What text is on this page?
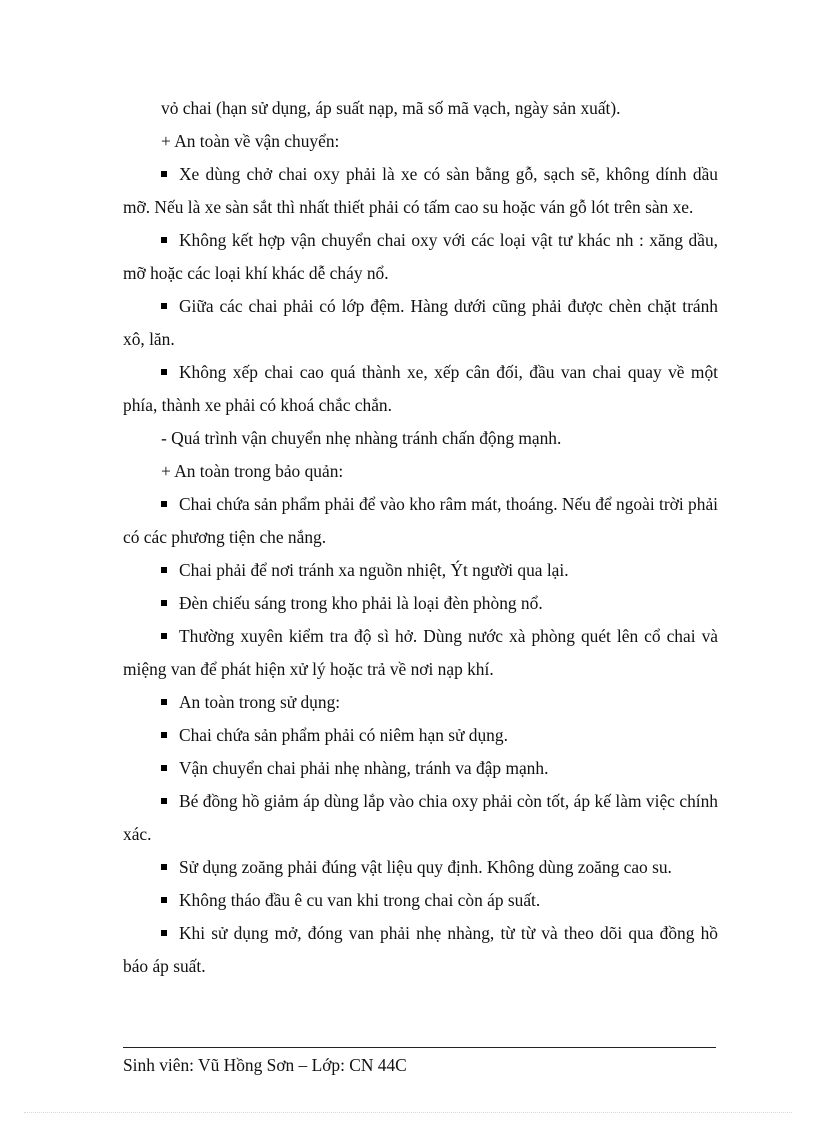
vỏ chai (hạn sử dụng, áp suất nạp, mã số mã vạch, ngày sản xuất).

+ An toàn về vận chuyển:

Xe dùng chở chai oxy phải là xe có sàn bằng gỗ, sạch sẽ, không dính dầu mỡ. Nếu là xe sàn sắt thì nhất thiết phải có tấm cao su hoặc ván gỗ lót trên sàn xe.

Không kết hợp vận chuyển chai oxy với các loại vật tư khác nh : xăng dầu, mỡ hoặc các loại khí khác dễ cháy nổ.

Giữa các chai phải có lớp đệm. Hàng dưới cũng phải được chèn chặt tránh xô, lăn.

Không xếp chai cao quá thành xe, xếp cân đối, đầu van chai quay về một phía, thành xe phải có khoá chắc chắn.

- Quá trình vận chuyển nhẹ nhàng tránh chấn động mạnh.

+ An toàn trong bảo quản:

Chai chứa sản phẩm phải để vào kho râm mát, thoáng. Nếu để ngoài trời phải có các phương tiện che nắng.

Chai phải để nơi tránh xa nguồn nhiệt, Ýt người qua lại.

Đèn chiếu sáng trong kho phải là loại đèn phòng nổ.

Thường xuyên kiểm tra độ sì hở. Dùng nước xà phòng quét lên cổ chai và miệng van để phát hiện xử lý hoặc trả về nơi nạp khí.

An toàn trong sử dụng:

Chai chứa sản phẩm phải có niêm hạn sử dụng.

Vận chuyển chai phải nhẹ nhàng, tránh va đập mạnh.

Bé đồng hồ giảm áp dùng lắp vào chia oxy phải còn tốt, áp kế làm việc chính xác.

Sử dụng zoăng phải đúng vật liệu quy định. Không dùng zoăng cao su.

Không tháo đầu ê cu van khi trong chai còn áp suất.

Khi sử dụng mở, đóng van phải nhẹ nhàng, từ từ và theo dõi qua đồng hồ báo áp suất.

Sinh viên: Vũ Hồng Sơn – Lớp: CN 44C
